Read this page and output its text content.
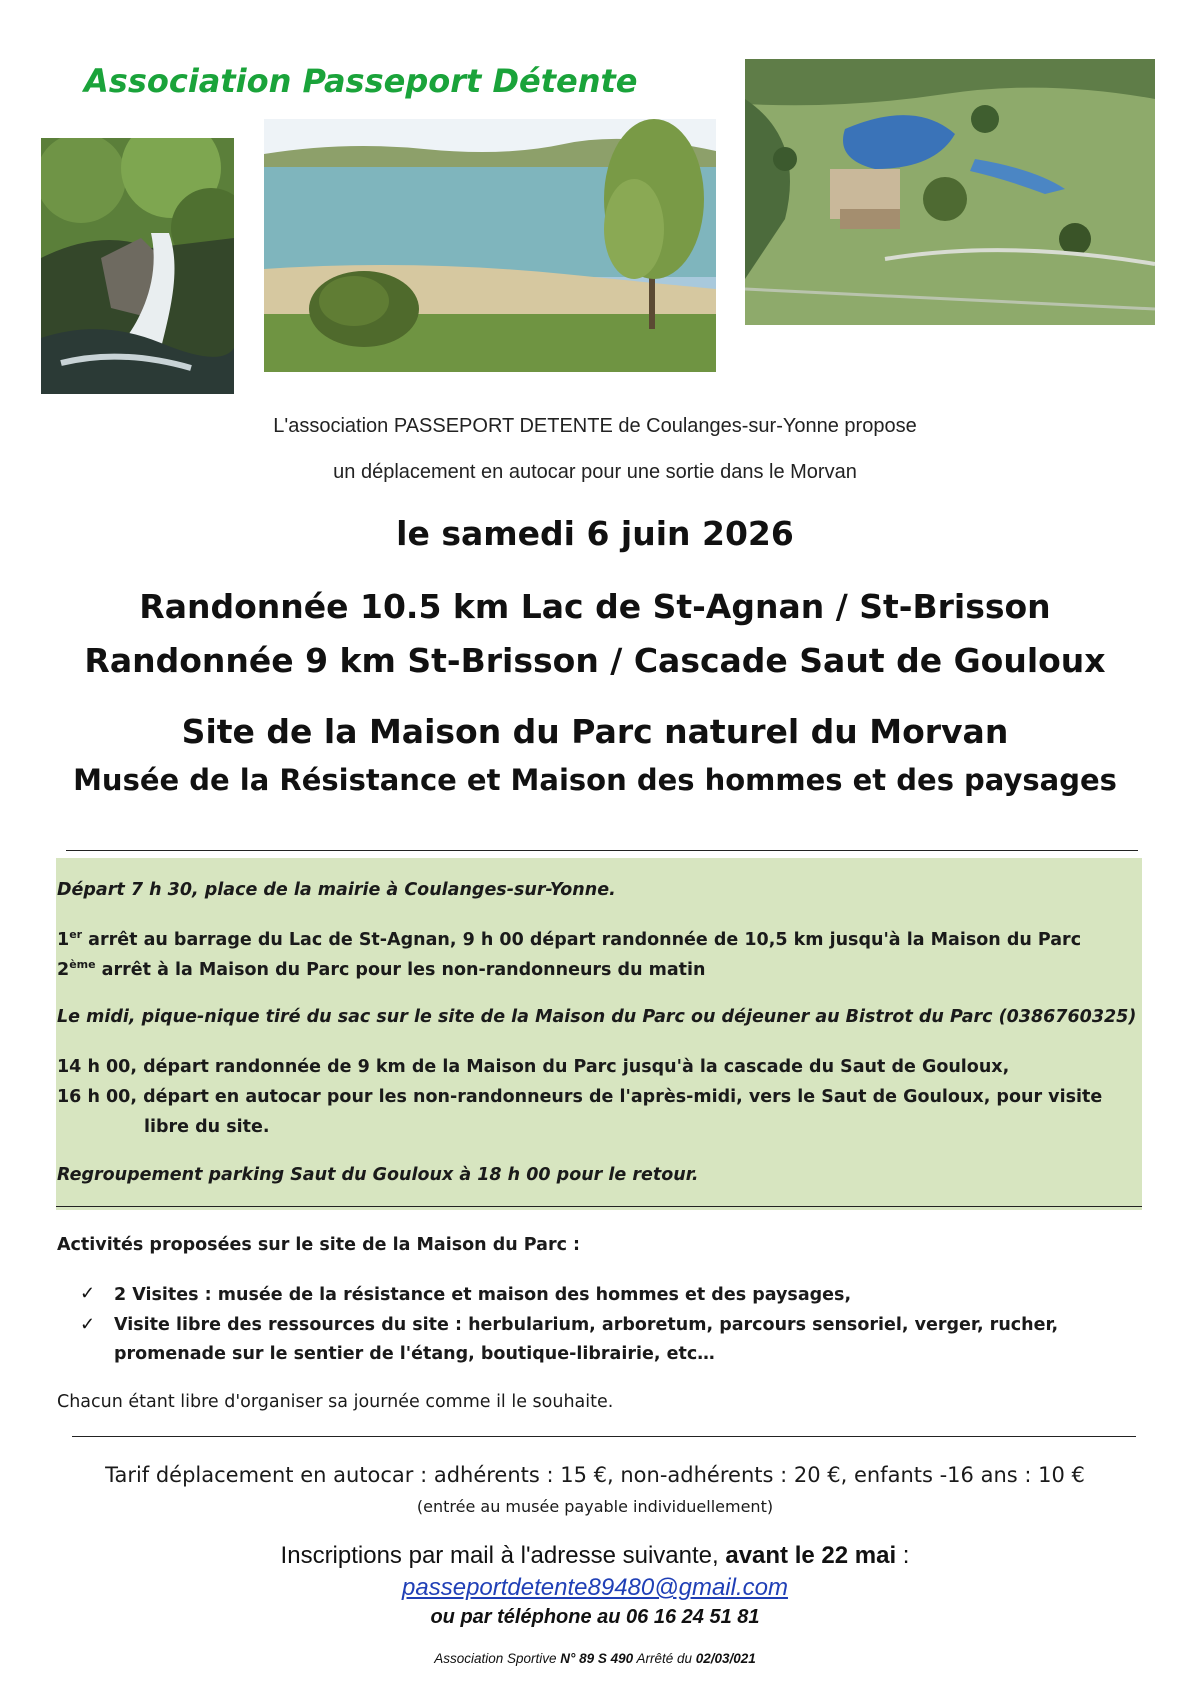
Association Passeport Détente
L'association PASSEPORT DETENTE de Coulanges-sur-Yonne propose
un déplacement en autocar pour une sortie dans le Morvan
le samedi 6 juin 2026
Randonnée 10.5 km Lac de St-Agnan / St-Brisson
Randonnée 9 km St-Brisson / Cascade Saut de Gouloux
Site de la Maison du Parc naturel du Morvan
Musée de la Résistance et Maison des hommes et des paysages
Départ 7 h 30, place de la mairie à Coulanges-sur-Yonne.
1er arrêt au barrage du Lac de St-Agnan, 9 h 00 départ randonnée de 10,5 km jusqu'à la Maison du Parc
2ème arrêt à la Maison du Parc pour les non-randonneurs du matin
Le midi, pique-nique tiré du sac sur le site de la Maison du Parc ou déjeuner au Bistrot du Parc (0386760325)
14 h 00, départ randonnée de 9 km de la Maison du Parc jusqu'à la cascade du Saut de Gouloux,
16 h 00, départ en autocar pour les non-randonneurs de l'après-midi, vers le Saut de Gouloux, pour visite
libre du site.
Regroupement parking Saut du Gouloux à 18 h 00 pour le retour.
Activités proposées sur le site de la Maison du Parc :
✓ 2 Visites : musée de la résistance et maison des hommes et des paysages,
✓ Visite libre des ressources du site : herbularium, arboretum, parcours sensoriel, verger, rucher,
promenade sur le sentier de l'étang, boutique-librairie, etc…
Chacun étant libre d'organiser sa journée comme il le souhaite.
Tarif déplacement en autocar : adhérents : 15 €, non-adhérents : 20 €, enfants -16 ans : 10 €
(entrée au musée payable individuellement)
Inscriptions par mail à l'adresse suivante, avant le 22 mai :
passeportdetente89480@gmail.com
ou par téléphone au 06 16 24 51 81
Association Sportive N° 89 S 490 Arrêté du 02/03/021
